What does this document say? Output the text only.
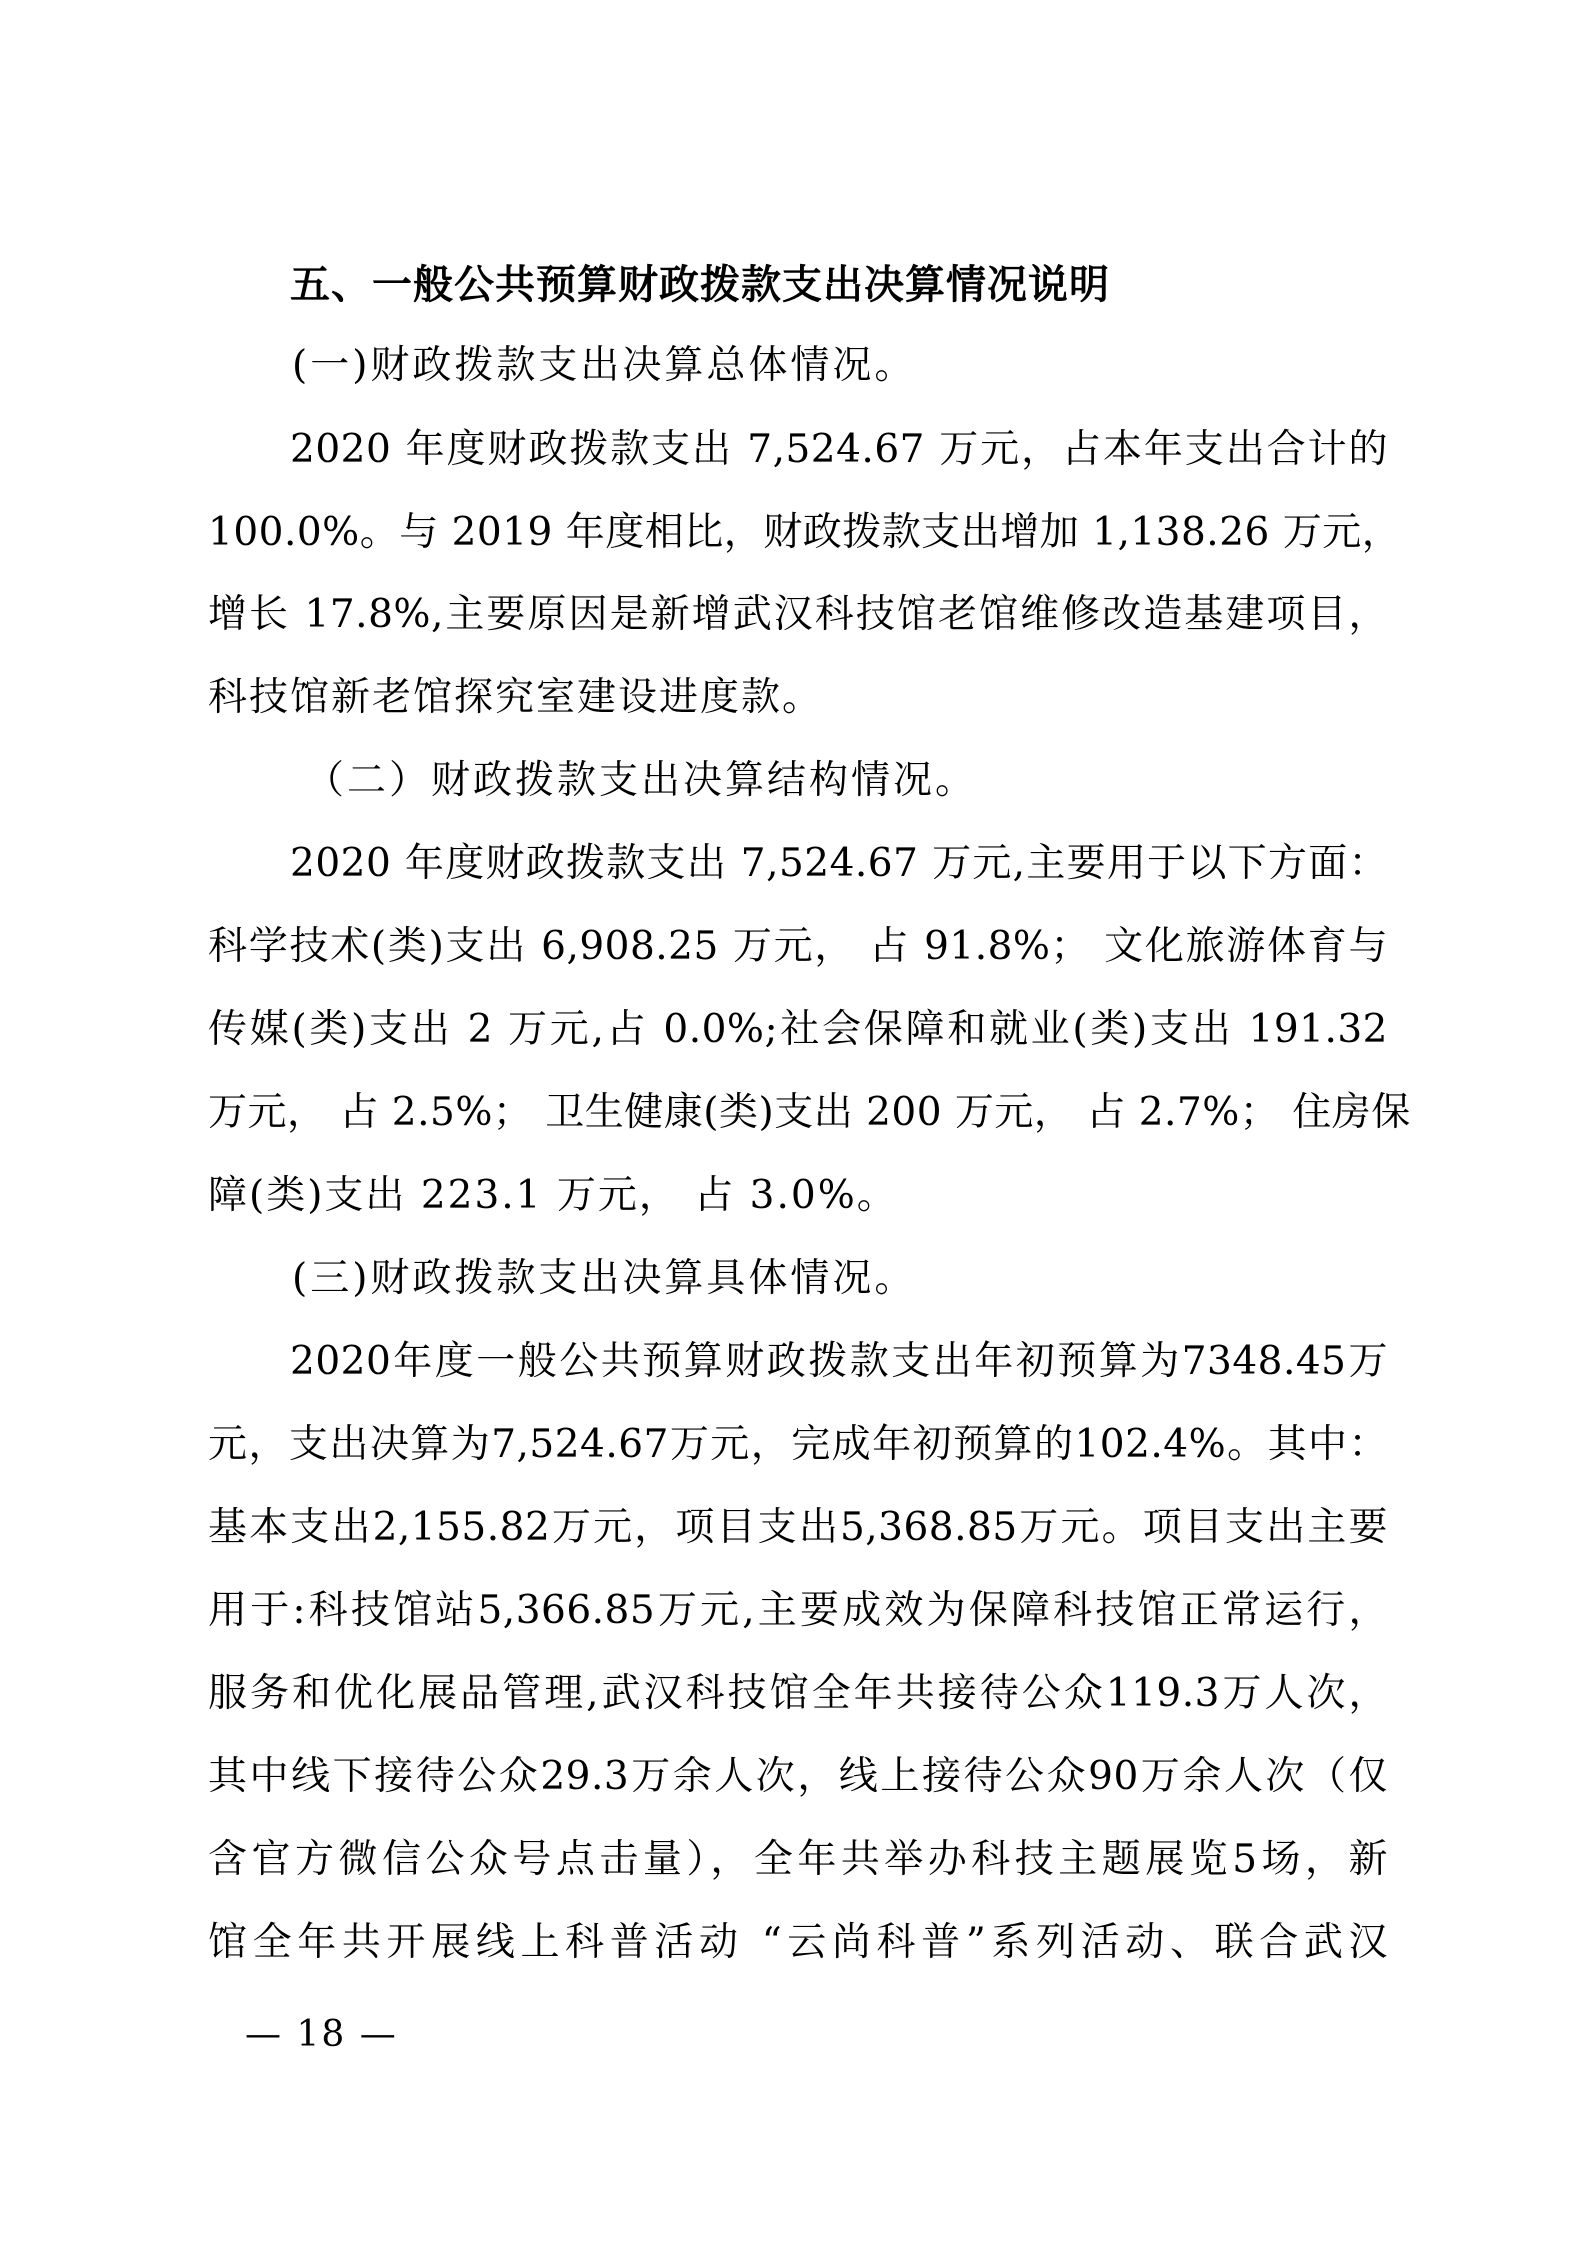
五、一般公共预算财政拨款支出决算情况说明
(一)财政拨款支出决算总体情况。
2020 年度财政拨款支出 7,524.67 万元，占本年支出合计的
100.0%。与 2019 年度相比，财政拨款支出增加 1,138.26 万元，
增长 17.8%,主要原因是新增武汉科技馆老馆维修改造基建项目，
科技馆新老馆探究室建设进度款。
（二）财政拨款支出决算结构情况。
2020 年度财政拨款支出 7,524.67 万元,主要用于以下方面：
科学技术(类)支出 6,908.25 万元， 占 91.8%； 文化旅游体育与
传媒(类)支出 2 万元,占 0.0%;社会保障和就业(类)支出 191.32
万元， 占 2.5%； 卫生健康(类)支出 200 万元， 占 2.7%； 住房保
障(类)支出 223.1 万元， 占 3.0%。
(三)财政拨款支出决算具体情况。
2020年度一般公共预算财政拨款支出年初预算为7348.45万
元，支出决算为7,524.67万元，完成年初预算的102.4%。其中：
基本支出2,155.82万元，项目支出5,368.85万元。项目支出主要
用于:科技馆站5,366.85万元,主要成效为保障科技馆正常运行，
服务和优化展品管理,武汉科技馆全年共接待公众119.3万人次，
其中线下接待公众29.3万余人次，线上接待公众90万余人次（仅
含官方微信公众号点击量），全年共举办科技主题展览5场，新
馆全年共开展线上科普活动 “云尚科普”系列活动、联合武汉
— 18 —
